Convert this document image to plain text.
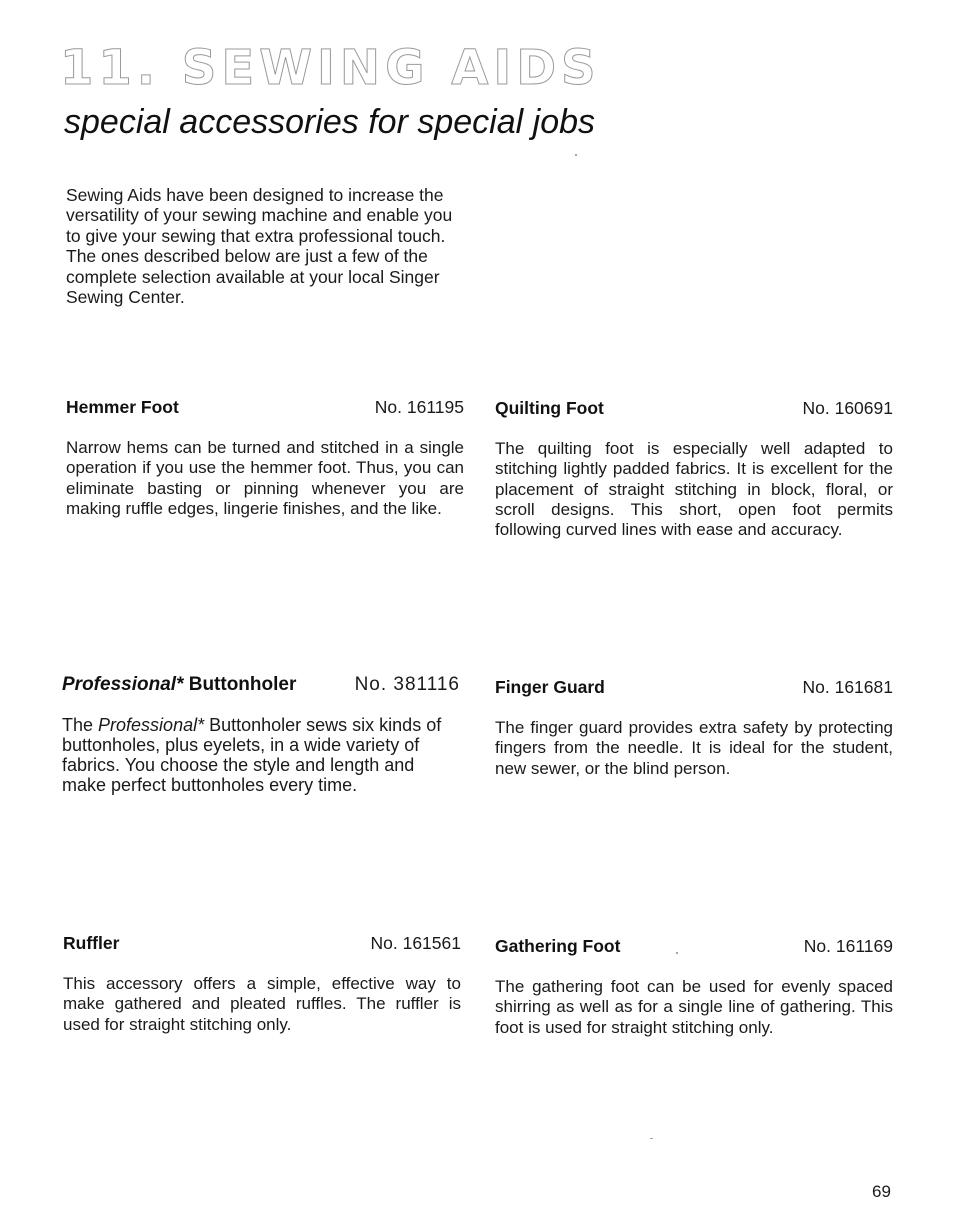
11. SEWING AIDS
special accessories for special jobs

Sewing Aids have been designed to increase the versatility of your sewing machine and enable you to give your sewing that extra professional touch. The ones described below are just a few of the complete selection available at your local Singer Sewing Center.

Hemmer Foot	No. 161195

Narrow hems can be turned and stitched in a single operation if you use the hemmer foot. Thus, you can eliminate basting or pinning whenever you are making ruffle edges, lingerie finishes, and the like.

Quilting Foot	No. 160691

The quilting foot is especially well adapted to stitching lightly padded fabrics. It is excellent for the placement of straight stitching in block, floral, or scroll designs. This short, open foot permits following curved lines with ease and accuracy.

Professional* Buttonholer	No. 381116

The Professional* Buttonholer sews six kinds of buttonholes, plus eyelets, in a wide variety of fabrics. You choose the style and length and make perfect buttonholes every time.

Finger Guard	No. 161681

The finger guard provides extra safety by protecting fingers from the needle. It is ideal for the student, new sewer, or the blind person.

Ruffler	No. 161561

This accessory offers a simple, effective way to make gathered and pleated ruffles. The ruffler is used for straight stitching only.

Gathering Foot	No. 161169

The gathering foot can be used for evenly spaced shirring as well as for a single line of gathering. This foot is used for straight stitching only.

69
